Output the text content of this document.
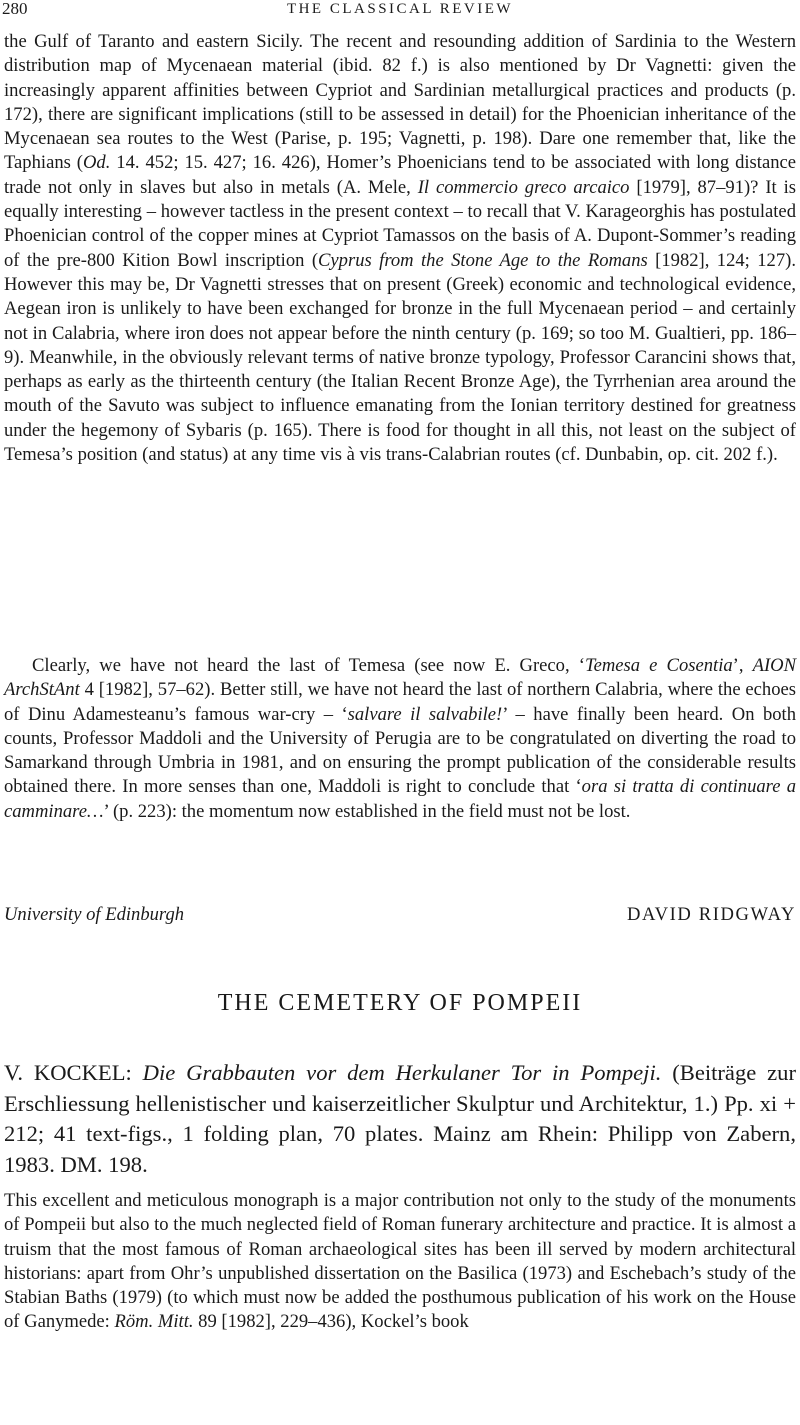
280	THE CLASSICAL REVIEW

the Gulf of Taranto and eastern Sicily. The recent and resounding addition of Sardinia to the Western distribution map of Mycenaean material (ibid. 82 f.) is also mentioned by Dr Vagnetti: given the increasingly apparent affinities between Cypriot and Sardinian metallurgical practices and products (p. 172), there are significant implications (still to be assessed in detail) for the Phoenician inheritance of the Mycenaean sea routes to the West (Parise, p. 195; Vagnetti, p. 198). Dare one remember that, like the Taphians (Od. 14. 452; 15. 427; 16. 426), Homer’s Phoenicians tend to be associated with long distance trade not only in slaves but also in metals (A. Mele, Il commercio greco arcaico [1979], 87–91)? It is equally interesting – however tactless in the present context – to recall that V. Karageorghis has postulated Phoenician control of the copper mines at Cypriot Tamassos on the basis of A. Dupont-Sommer’s reading of the pre-800 Kition Bowl inscription (Cyprus from the Stone Age to the Romans [1982], 124; 127). However this may be, Dr Vagnetti stresses that on present (Greek) economic and technological evidence, Aegean iron is unlikely to have been exchanged for bronze in the full Mycenaean period – and certainly not in Calabria, where iron does not appear before the ninth century (p. 169; so too M. Gualtieri, pp. 186–9). Meanwhile, in the obviously relevant terms of native bronze typology, Professor Carancini shows that, perhaps as early as the thirteenth century (the Italian Recent Bronze Age), the Tyrrhenian area around the mouth of the Savuto was subject to influence emanating from the Ionian territory destined for greatness under the hegemony of Sybaris (p. 165). There is food for thought in all this, not least on the subject of Temesa’s position (and status) at any time vis à vis trans-Calabrian routes (cf. Dunbabin, op. cit. 202 f.).

Clearly, we have not heard the last of Temesa (see now E. Greco, ‘Temesa e Cosentia’, AION ArchStAnt 4 [1982], 57–62). Better still, we have not heard the last of northern Calabria, where the echoes of Dinu Adamesteanu’s famous war-cry – ‘salvare il salvabile!’ – have finally been heard. On both counts, Professor Maddoli and the University of Perugia are to be congratulated on diverting the road to Samarkand through Umbria in 1981, and on ensuring the prompt publication of the considerable results obtained there. In more senses than one, Maddoli is right to conclude that ‘ora si tratta di continuare a camminare…’ (p. 223): the momentum now established in the field must not be lost.

University of Edinburgh	DAVID RIDGWAY
THE CEMETERY OF POMPEII

V. KOCKEL: Die Grabbauten vor dem Herkulaner Tor in Pompeji. (Beiträge zur Erschliessung hellenistischer und kaiserzeitlicher Skulptur und Architektur, 1.) Pp. xi + 212; 41 text-figs., 1 folding plan, 70 plates. Mainz am Rhein: Philipp von Zabern, 1983. DM. 198.

This excellent and meticulous monograph is a major contribution not only to the study of the monuments of Pompeii but also to the much neglected field of Roman funerary architecture and practice. It is almost a truism that the most famous of Roman archaeological sites has been ill served by modern architectural historians: apart from Ohr’s unpublished dissertation on the Basilica (1973) and Eschebach’s study of the Stabian Baths (1979) (to which must now be added the posthumous publication of his work on the House of Ganymede: Röm. Mitt. 89 [1982], 229–436), Kockel’s book
